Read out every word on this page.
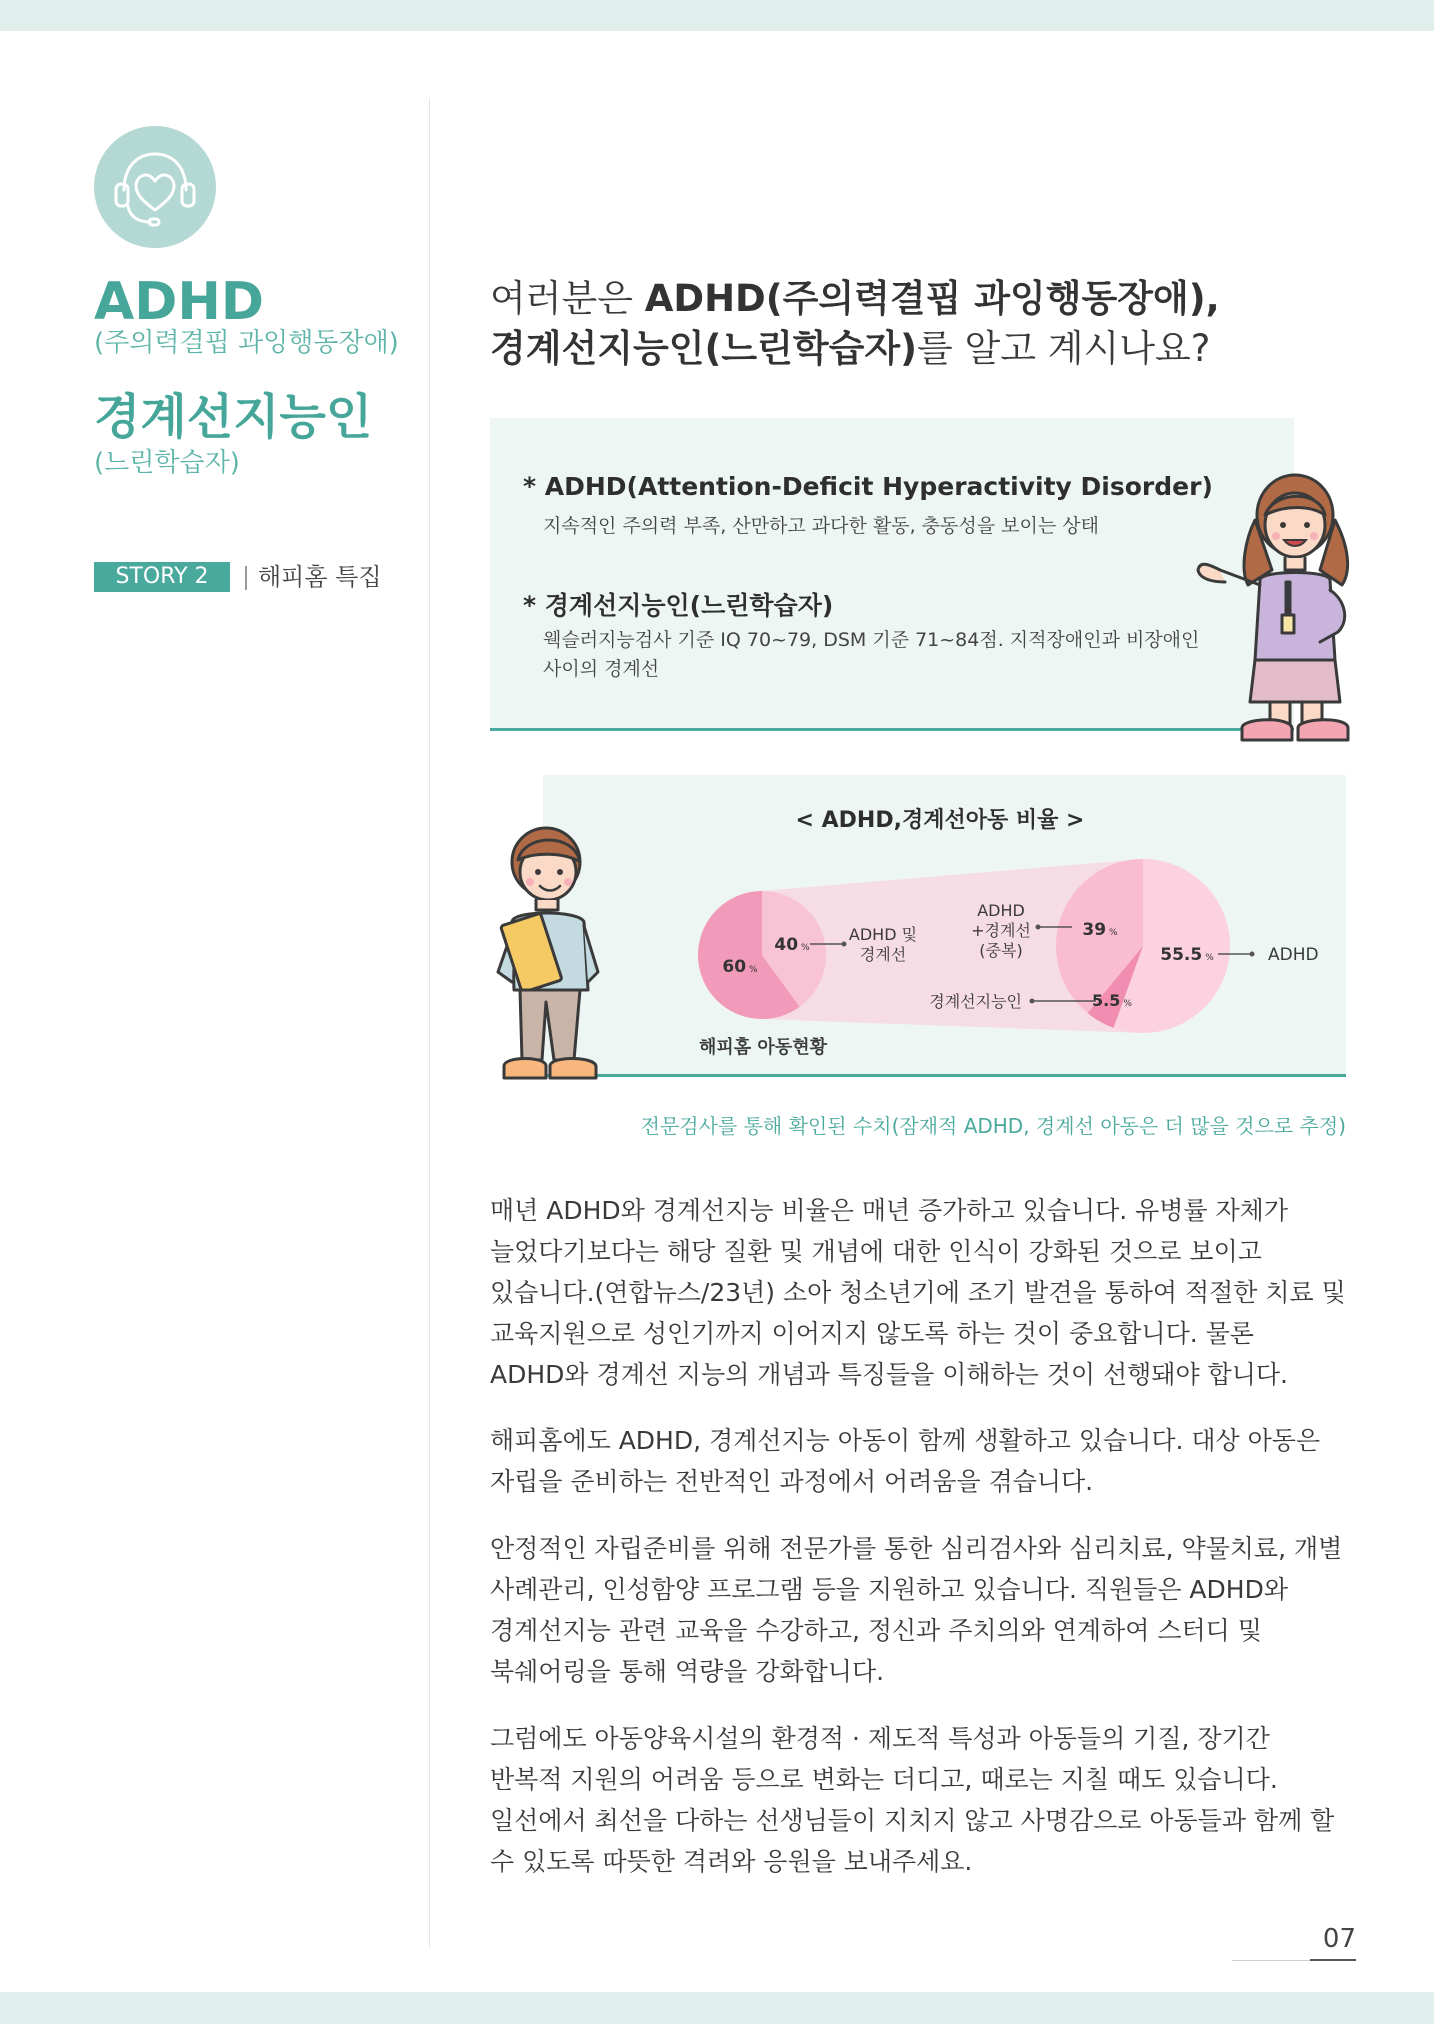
ADHD

(주의력결핍 과잉행동장애)

경계선지능인

(느린학습자)

STORY 2	해피홈 특집
여러분은 ADHD(주의력결핍 과잉행동장애),
경계선지능인(느린학습자)를 알고 계시나요?
* ADHD(Attention-Deficit Hyperactivity Disorder)
지속적인 주의력 부족, 산만하고 과다한 활동, 충동성을 보이는 상태
* 경계선지능인(느린학습자)
웩슬러지능검사 기준 IQ 70~79, DSM 기준 71~84점. 지적장애인과 비장애인 사이의 경계선
< ADHD,경계선아동 비율 >
60 %
40 %
39 %
55.5 %
5.5 %
ADHD 및
경계선
ADHD
+경계선
(중복)
경계선지능인
ADHD
해피홈 아동현황
전문검사를 통해 확인된 수치(잠재적 ADHD, 경계선 아동은 더 많을 것으로 추정)

매년 ADHD와 경계선지능 비율은 매년 증가하고 있습니다. 유병률 자체가 늘었다기보다는 해당 질환 및 개념에 대한 인식이 강화된 것으로 보이고 있습니다.(연합뉴스/23년) 소아 청소년기에 조기 발견을 통하여 적절한 치료 및 교육지원으로 성인기까지 이어지지 않도록 하는 것이 중요합니다. 물론 ADHD와 경계선 지능의 개념과 특징들을 이해하는 것이 선행돼야 합니다.

해피홈에도 ADHD, 경계선지능 아동이 함께 생활하고 있습니다. 대상 아동은 자립을 준비하는 전반적인 과정에서 어려움을 겪습니다.

안정적인 자립준비를 위해 전문가를 통한 심리검사와 심리치료, 약물치료, 개별 사례관리, 인성함양 프로그램 등을 지원하고 있습니다. 직원들은 ADHD와 경계선지능 관련 교육을 수강하고, 정신과 주치의와 연계하여 스터디 및 북쉐어링을 통해 역량을 강화합니다.

그럼에도 아동양육시설의 환경적 · 제도적 특성과 아동들의 기질, 장기간 반복적 지원의 어려움 등으로 변화는 더디고, 때로는 지칠 때도 있습니다. 일선에서 최선을 다하는 선생님들이 지치지 않고 사명감으로 아동들과 함께 할 수 있도록 따뜻한 격려와 응원을 보내주세요.

07
